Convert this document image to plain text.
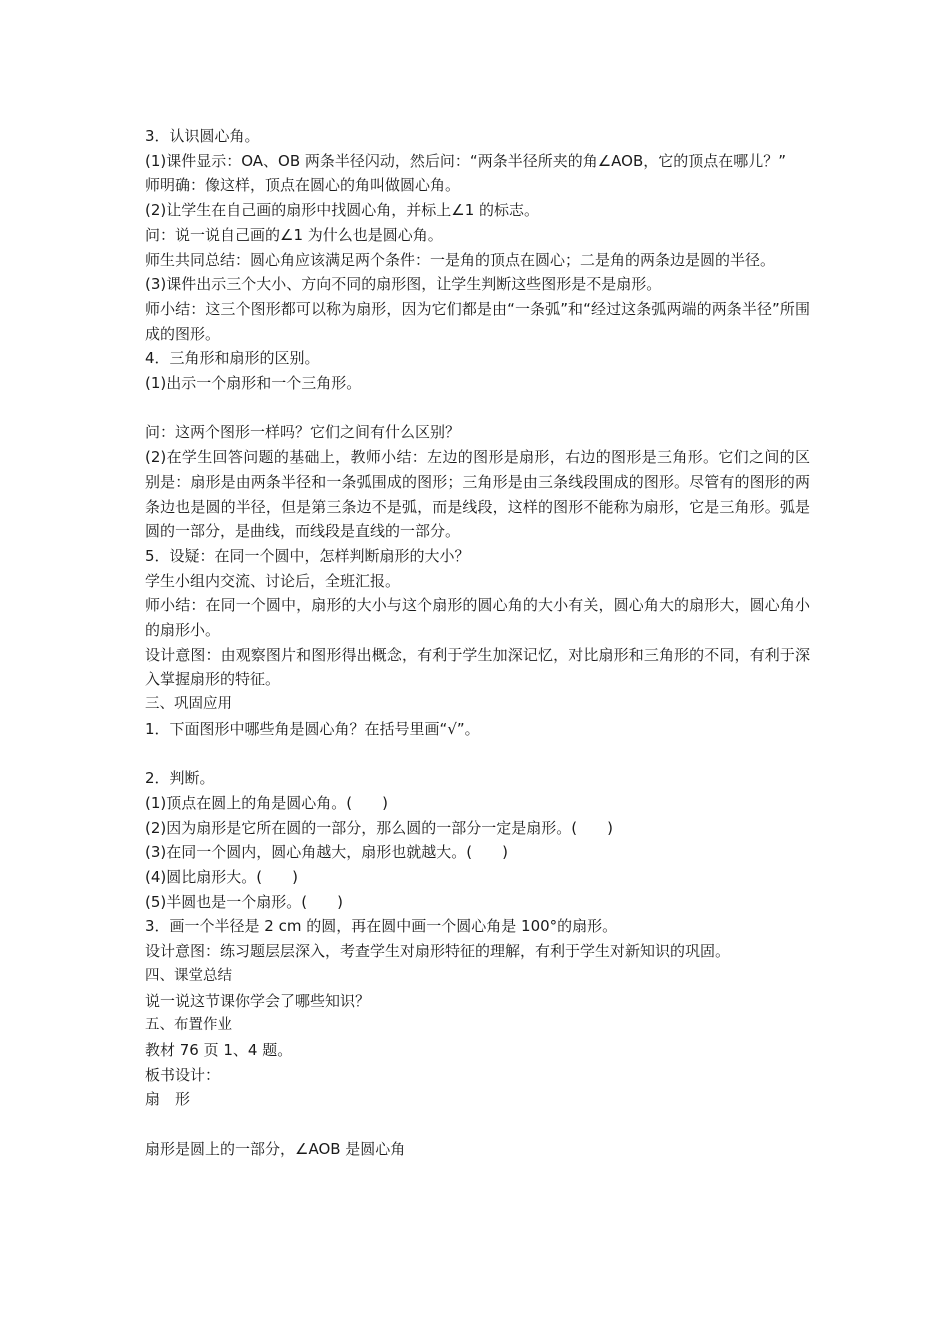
3．认识圆心角。

(1)课件显示：OA、OB 两条半径闪动，然后问：“两条半径所夹的角∠AOB，它的顶点在哪儿？”

师明确：像这样，顶点在圆心的角叫做圆心角。

(2)让学生在自己画的扇形中找圆心角，并标上∠1 的标志。

问：说一说自己画的∠1 为什么也是圆心角。

师生共同总结：圆心角应该满足两个条件：一是角的顶点在圆心；二是角的两条边是圆的半径。

(3)课件出示三个大小、方向不同的扇形图，让学生判断这些图形是不是扇形。

师小结：这三个图形都可以称为扇形，因为它们都是由“一条弧”和“经过这条弧两端的两条半径”所围成的图形。

4．三角形和扇形的区别。

(1)出示一个扇形和一个三角形。

问：这两个图形一样吗？它们之间有什么区别？

(2)在学生回答问题的基础上，教师小结：左边的图形是扇形，右边的图形是三角形。它们之间的区别是：扇形是由两条半径和一条弧围成的图形；三角形是由三条线段围成的图形。尽管有的图形的两条边也是圆的半径，但是第三条边不是弧，而是线段，这样的图形不能称为扇形，它是三角形。弧是圆的一部分，是曲线，而线段是直线的一部分。

5．设疑：在同一个圆中，怎样判断扇形的大小？

学生小组内交流、讨论后，全班汇报。

师小结：在同一个圆中，扇形的大小与这个扇形的圆心角的大小有关，圆心角大的扇形大，圆心角小的扇形小。

设计意图：由观察图片和图形得出概念，有利于学生加深记忆，对比扇形和三角形的不同，有利于深入掌握扇形的特征。

三、巩固应用

1．下面图形中哪些角是圆心角？在括号里画“√”。

2．判断。

(1)顶点在圆上的角是圆心角。(　　)

(2)因为扇形是它所在圆的一部分，那么圆的一部分一定是扇形。(　　)

(3)在同一个圆内，圆心角越大，扇形也就越大。(　　)

(4)圆比扇形大。(　　)

(5)半圆也是一个扇形。(　　)

3．画一个半径是 2 cm 的圆，再在圆中画一个圆心角是 100°的扇形。

设计意图：练习题层层深入，考查学生对扇形特征的理解，有利于学生对新知识的巩固。

四、课堂总结

说一说这节课你学会了哪些知识？

五、布置作业

教材 76 页 1、4 题。

板书设计：

扇　形

扇形是圆上的一部分，∠AOB 是圆心角
